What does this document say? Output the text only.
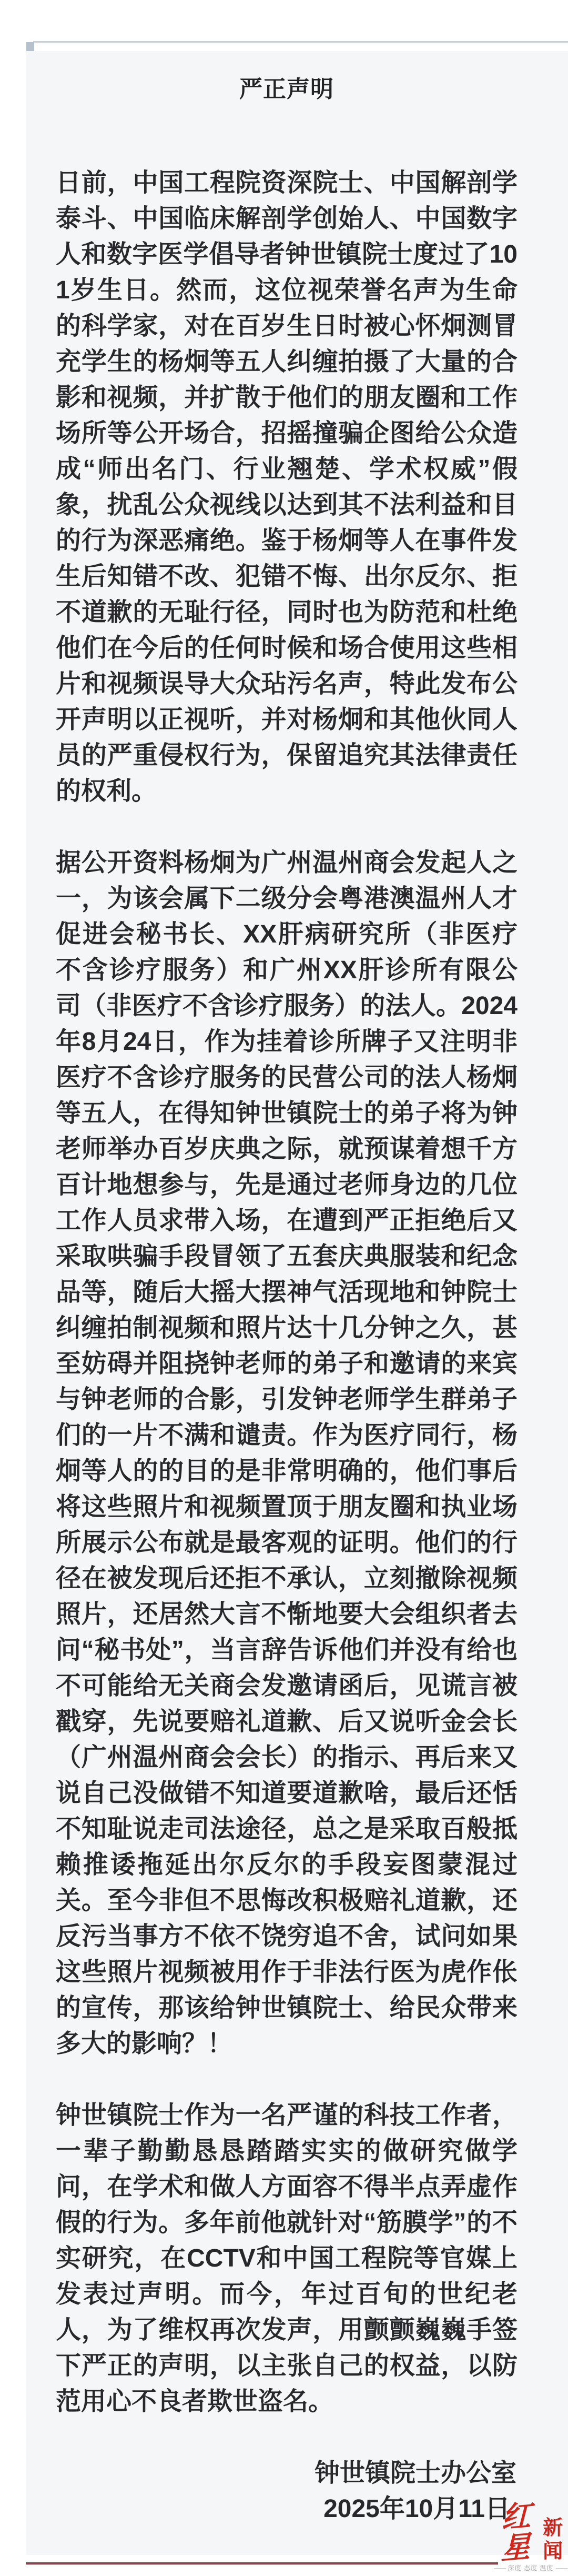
严正声明

日前，中国工程院资深院士、中国解剖学泰斗、中国临床解剖学创始人、中国数字人和数字医学倡导者钟世镇院士度过了101岁生日。然而，这位视荣誉名声为生命的科学家，对在百岁生日时被心怀炯测冒充学生的杨炯等五人纠缠拍摄了大量的合影和视频，并扩散于他们的朋友圈和工作场所等公开场合，招摇撞骗企图给公众造成“师出名门、行业翘楚、学术权威”假象，扰乱公众视线以达到其不法利益和目的行为深恶痛绝。鉴于杨炯等人在事件发生后知错不改、犯错不悔、出尔反尔、拒不道歉的无耻行径，同时也为防范和杜绝他们在今后的任何时候和场合使用这些相片和视频误导大众玷污名声，特此发布公开声明以正视听，并对杨炯和其他伙同人员的严重侵权行为，保留追究其法律责任的权利。

据公开资料杨炯为广州温州商会发起人之一，为该会属下二级分会粤港澳温州人才促进会秘书长、XX肝病研究所（非医疗不含诊疗服务）和广州XX肝诊所有限公司（非医疗不含诊疗服务）的法人。2024年8月24日，作为挂着诊所牌子又注明非医疗不含诊疗服务的民营公司的法人杨炯等五人，在得知钟世镇院士的弟子将为钟老师举办百岁庆典之际，就预谋着想千方百计地想参与，先是通过老师身边的几位工作人员求带入场，在遭到严正拒绝后又采取哄骗手段冒领了五套庆典服装和纪念品等，随后大摇大摆神气活现地和钟院士纠缠拍制视频和照片达十几分钟之久，甚至妨碍并阻挠钟老师的弟子和邀请的来宾与钟老师的合影，引发钟老师学生群弟子们的一片不满和谴责。作为医疗同行，杨炯等人的的目的是非常明确的，他们事后将这些照片和视频置顶于朋友圈和执业场所展示公布就是最客观的证明。他们的行径在被发现后还拒不承认，立刻撤除视频照片，还居然大言不惭地要大会组织者去问“秘书处”，当言辞告诉他们并没有给也不可能给无关商会发邀请函后，见谎言被戳穿，先说要赔礼道歉、后又说听金会长（广州温州商会会长）的指示、再后来又说自己没做错不知道要道歉啥，最后还恬不知耻说走司法途径，总之是采取百般抵赖推诿拖延出尔反尔的手段妄图蒙混过关。至今非但不思悔改积极赔礼道歉，还反污当事方不依不饶穷追不舍，试问如果这些照片视频被用作于非法行医为虎作伥的宣传，那该给钟世镇院士、给民众带来多大的影响？！

钟世镇院士作为一名严谨的科技工作者，一辈子勤勤恳恳踏踏实实的做研究做学问，在学术和做人方面容不得半点弄虚作假的行为。多年前他就针对“筋膜学”的不实研究，在CCTV和中国工程院等官媒上发表过声明。而今，年过百旬的世纪老人，为了维权再次发声，用颤颤巍巍手签下严正的声明，以主张自己的权益，以防范用心不良者欺世盗名。

钟世镇院士办公室

2025年10月11日

红星
新闻
—— 深度 态度 温度 ——
